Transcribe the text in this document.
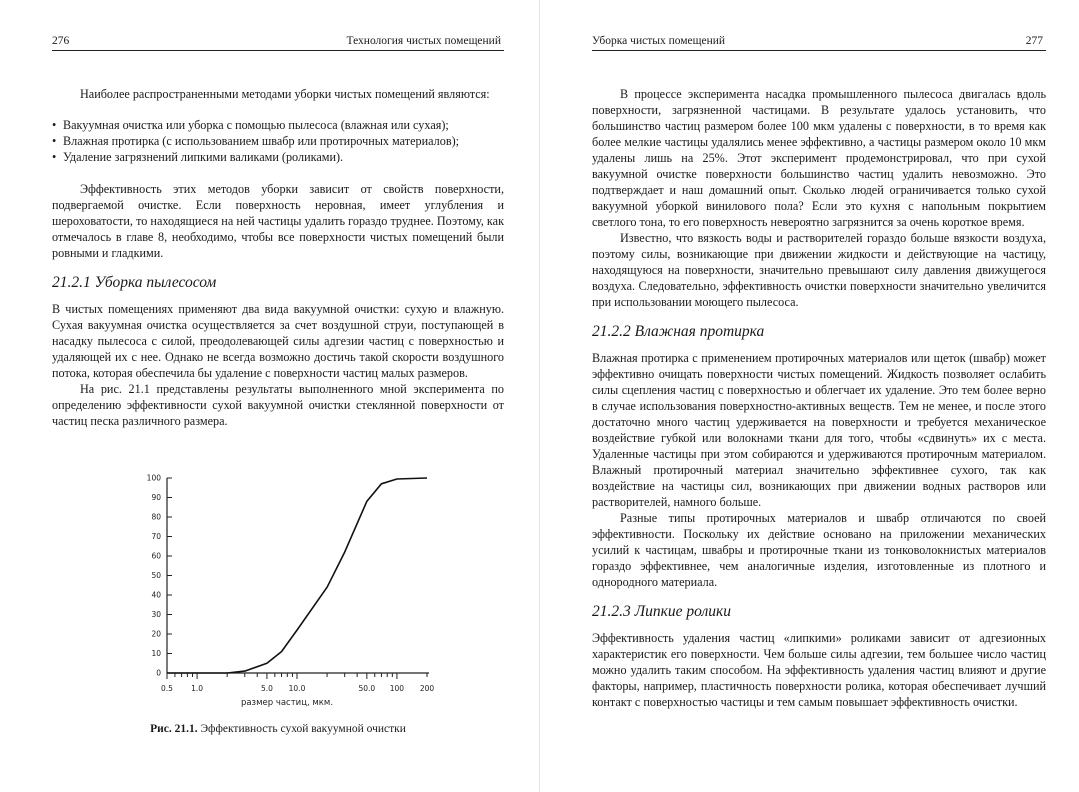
276	Технология чистых помещений

Наиболее распространенными методами уборки чистых помещений являются:

• Вакуумная очистка или уборка с помощью пылесоса (влажная или сухая);
• Влажная протирка (с использованием швабр или протирочных материалов);
• Удаление загрязнений липкими валиками (роликами).

Эффективность этих методов уборки зависит от свойств поверхности, подвергаемой очистке. Если поверхность неровная, имеет углубления и шероховатости, то находящиеся на ней частицы удалить гораздо труднее. Поэтому, как отмечалось в главе 8, необходимо, чтобы все поверхности чистых помещений были ровными и гладкими.

21.2.1 Уборка пылесосом

В чистых помещениях применяют два вида вакуумной очистки: сухую и влажную. Сухая вакуумная очистка осуществляется за счет воздушной струи, поступающей в насадку пылесоса с силой, преодолевающей силы адгезии частиц с поверхностью и удаляющей их с нее. Однако не всегда возможно достичь такой скорости воздушного потока, которая обеспечила бы удаление с поверхности частиц малых размеров.

На рис. 21.1 представлены результаты выполненного мной эксперимента по определению эффективности сухой вакуумной очистки стеклянной поверхности от частиц песка различного размера.

0
10
20
30
40
50
60
70
80
90
100
0.5 1.0	5.0 10.0	50.0 100 200
размер частиц, мкм.
Рис. 21.1. Эффективность сухой вакуумной очистки
Уборка чистых помещений	277

В процессе эксперимента насадка промышленного пылесоса двигалась вдоль поверхности, загрязненной частицами. В результате удалось установить, что большинство частиц размером более 100 мкм удалены с поверхности, в то время как более мелкие частицы удалялись менее эффективно, а частицы размером около 10 мкм удалены лишь на 25%. Этот эксперимент продемонстрировал, что при сухой вакуумной очистке поверхности большинство частиц удалить невозможно. Это подтверждает и наш домашний опыт. Сколько людей ограничивается только сухой вакуумной уборкой винилового пола? Если это кухня с напольным покрытием светлого тона, то его поверхность невероятно загрязнится за очень короткое время.

Известно, что вязкость воды и растворителей гораздо больше вязкости воздуха, поэтому силы, возникающие при движении жидкости и действующие на частицу, находящуюся на поверхности, значительно превышают силу давления движущегося воздуха. Следовательно, эффективность очистки поверхности значительно увеличится при использовании моющего пылесоса.

21.2.2 Влажная протирка

Влажная протирка с применением протирочных материалов или щеток (швабр) может эффективно очищать поверхности чистых помещений. Жидкость позволяет ослабить силы сцепления частиц с поверхностью и облегчает их удаление. Это тем более верно в случае использования поверхностно-активных веществ. Тем не менее, и после этого достаточно много частиц удерживается на поверхности и требуется механическое воздействие губкой или волокнами ткани для того, чтобы «сдвинуть» их с места. Удаленные частицы при этом собираются и удерживаются протирочным материалом. Влажный протирочный материал значительно эффективнее сухого, так как воздействие на частицы сил, возникающих при движении водных растворов или растворителей, намного больше.

Разные типы протирочных материалов и швабр отличаются по своей эффективности. Поскольку их действие основано на приложении механических усилий к частицам, швабры и протирочные ткани из тонковолокнистых материалов гораздо эффективнее, чем аналогичные изделия, изготовленные из плотного и однородного материала.

21.2.3 Липкие ролики

Эффективность удаления частиц «липкими» роликами зависит от адгезионных характеристик его поверхности. Чем больше силы адгезии, тем большее число частиц можно удалить таким способом. На эффективность удаления частиц влияют и другие факторы, например, пластичность поверхности ролика, которая обеспечивает лучший контакт с поверхностью частицы и тем самым повышает эффективность очистки.
